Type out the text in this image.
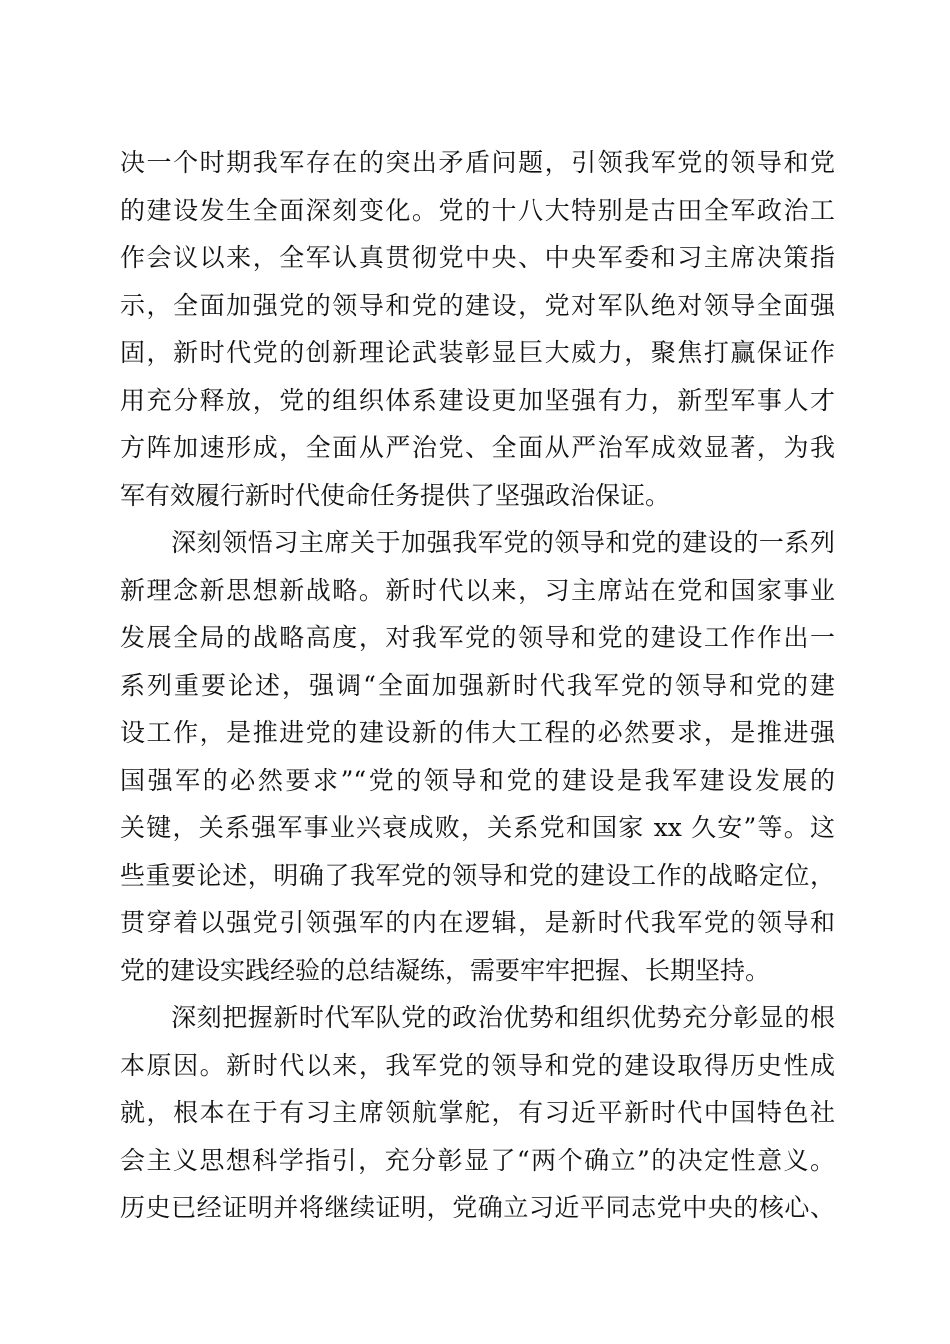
决一个时期我军存在的突出矛盾问题，引领我军党的领导和党
的建设发生全面深刻变化。党的十八大特别是古田全军政治工
作会议以来，全军认真贯彻党中央、中央军委和习主席决策指
示，全面加强党的领导和党的建设，党对军队绝对领导全面强
固，新时代党的创新理论武装彰显巨大威力，聚焦打赢保证作
用充分释放，党的组织体系建设更加坚强有力，新型军事人才
方阵加速形成，全面从严治党、全面从严治军成效显著，为我
军有效履行新时代使命任务提供了坚强政治保证。
　　深刻领悟习主席关于加强我军党的领导和党的建设的一系列
新理念新思想新战略。新时代以来，习主席站在党和国家事业
发展全局的战略高度，对我军党的领导和党的建设工作作出一
系列重要论述，强调“全面加强新时代我军党的领导和党的建
设工作，是推进党的建设新的伟大工程的必然要求，是推进强
国强军的必然要求”“党的领导和党的建设是我军建设发展的
关键，关系强军事业兴衰成败，关系党和国家 xx 久安”等。这
些重要论述，明确了我军党的领导和党的建设工作的战略定位，
贯穿着以强党引领强军的内在逻辑，是新时代我军党的领导和
党的建设实践经验的总结凝练，需要牢牢把握、长期坚持。
　　深刻把握新时代军队党的政治优势和组织优势充分彰显的根
本原因。新时代以来，我军党的领导和党的建设取得历史性成
就，根本在于有习主席领航掌舵，有习近平新时代中国特色社
会主义思想科学指引，充分彰显了“两个确立”的决定性意义。
历史已经证明并将继续证明，党确立习近平同志党中央的核心、
